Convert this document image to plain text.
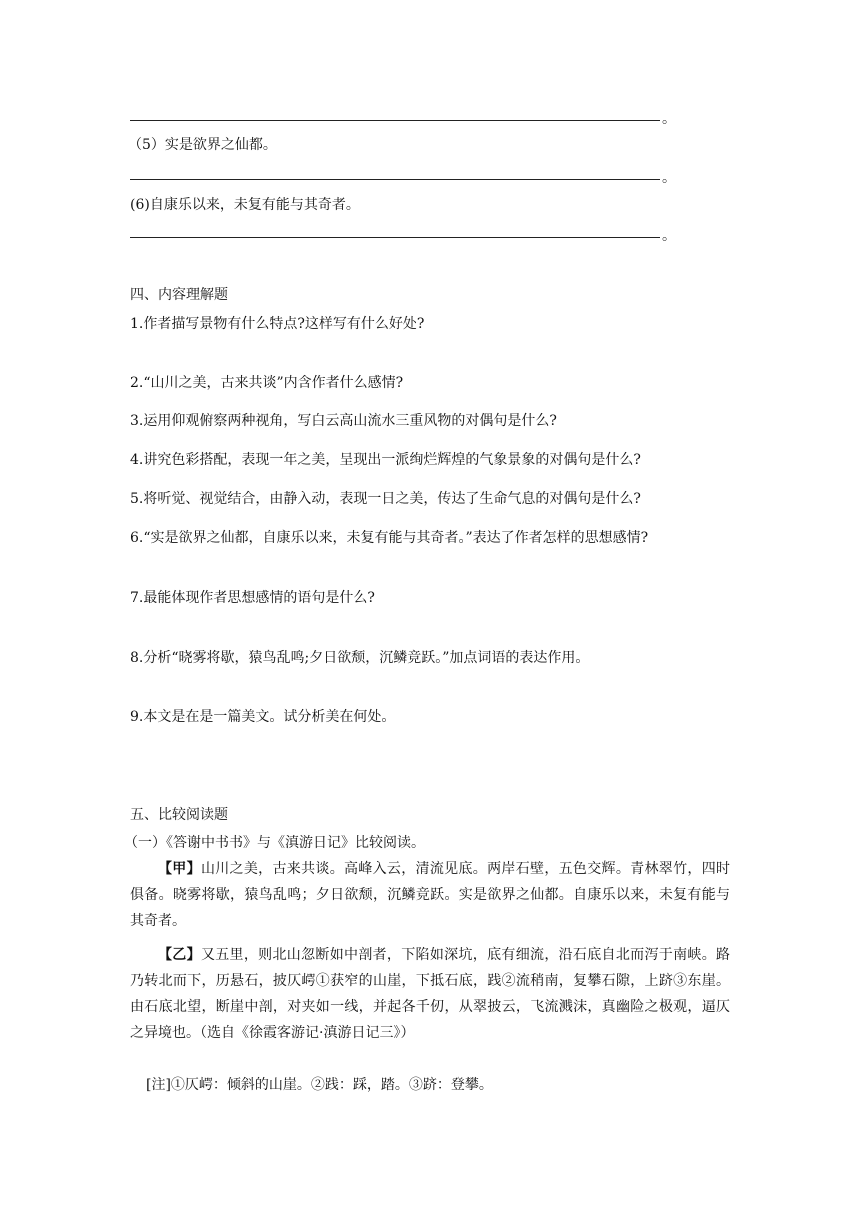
。
（5）实是欲界之仙都。
。
(6)自康乐以来，未复有能与其奇者。
。
四、内容理解题
1.作者描写景物有什么特点?这样写有什么好处?
2.“山川之美，古来共谈”内含作者什么感情?
3.运用仰观俯察两种视角，写白云高山流水三重风物的对偶句是什么?
4.讲究色彩搭配，表现一年之美，呈现出一派绚烂辉煌的气象景象的对偶句是什么?
5.将听觉、视觉结合，由静入动，表现一日之美，传达了生命气息的对偶句是什么?
6.“实是欲界之仙都，自康乐以来，未复有能与其奇者。”表达了作者怎样的思想感情?
7.最能体现作者思想感情的语句是什么?
8.分析“晓雾将歇，猿鸟乱鸣;夕日欲颓，沉鳞竞跃。”加点词语的表达作用。
9.本文是在是一篇美文。试分析美在何处。
五、比较阅读题
（一）《答谢中书书》与《滇游日记》比较阅读。
【甲】山川之美，古来共谈。高峰入云，清流见底。两岸石壁，五色交辉。青林翠竹，四时俱备。晓雾将歇，猿鸟乱鸣；夕日欲颓，沉鳞竞跃。实是欲界之仙都。自康乐以来，未复有能与其奇者。
【乙】又五里，则北山忽断如中剖者，下陷如深坑，底有细流，沿石底自北而泻于南峡。路乃转北而下，历悬石，披仄崿①获窄的山崖，下抵石底，践②流稍南，复攀石隙，上跻③东崖。由石底北望，断崖中剖，对夹如一线，并起各千仞，从翠披云，飞流溅沫，真幽险之极观，逼仄之异境也。（选自《徐霞客游记·滇游日记三》）
[注]①仄崿：倾斜的山崖。②践：踩，踏。③跻：登攀。
